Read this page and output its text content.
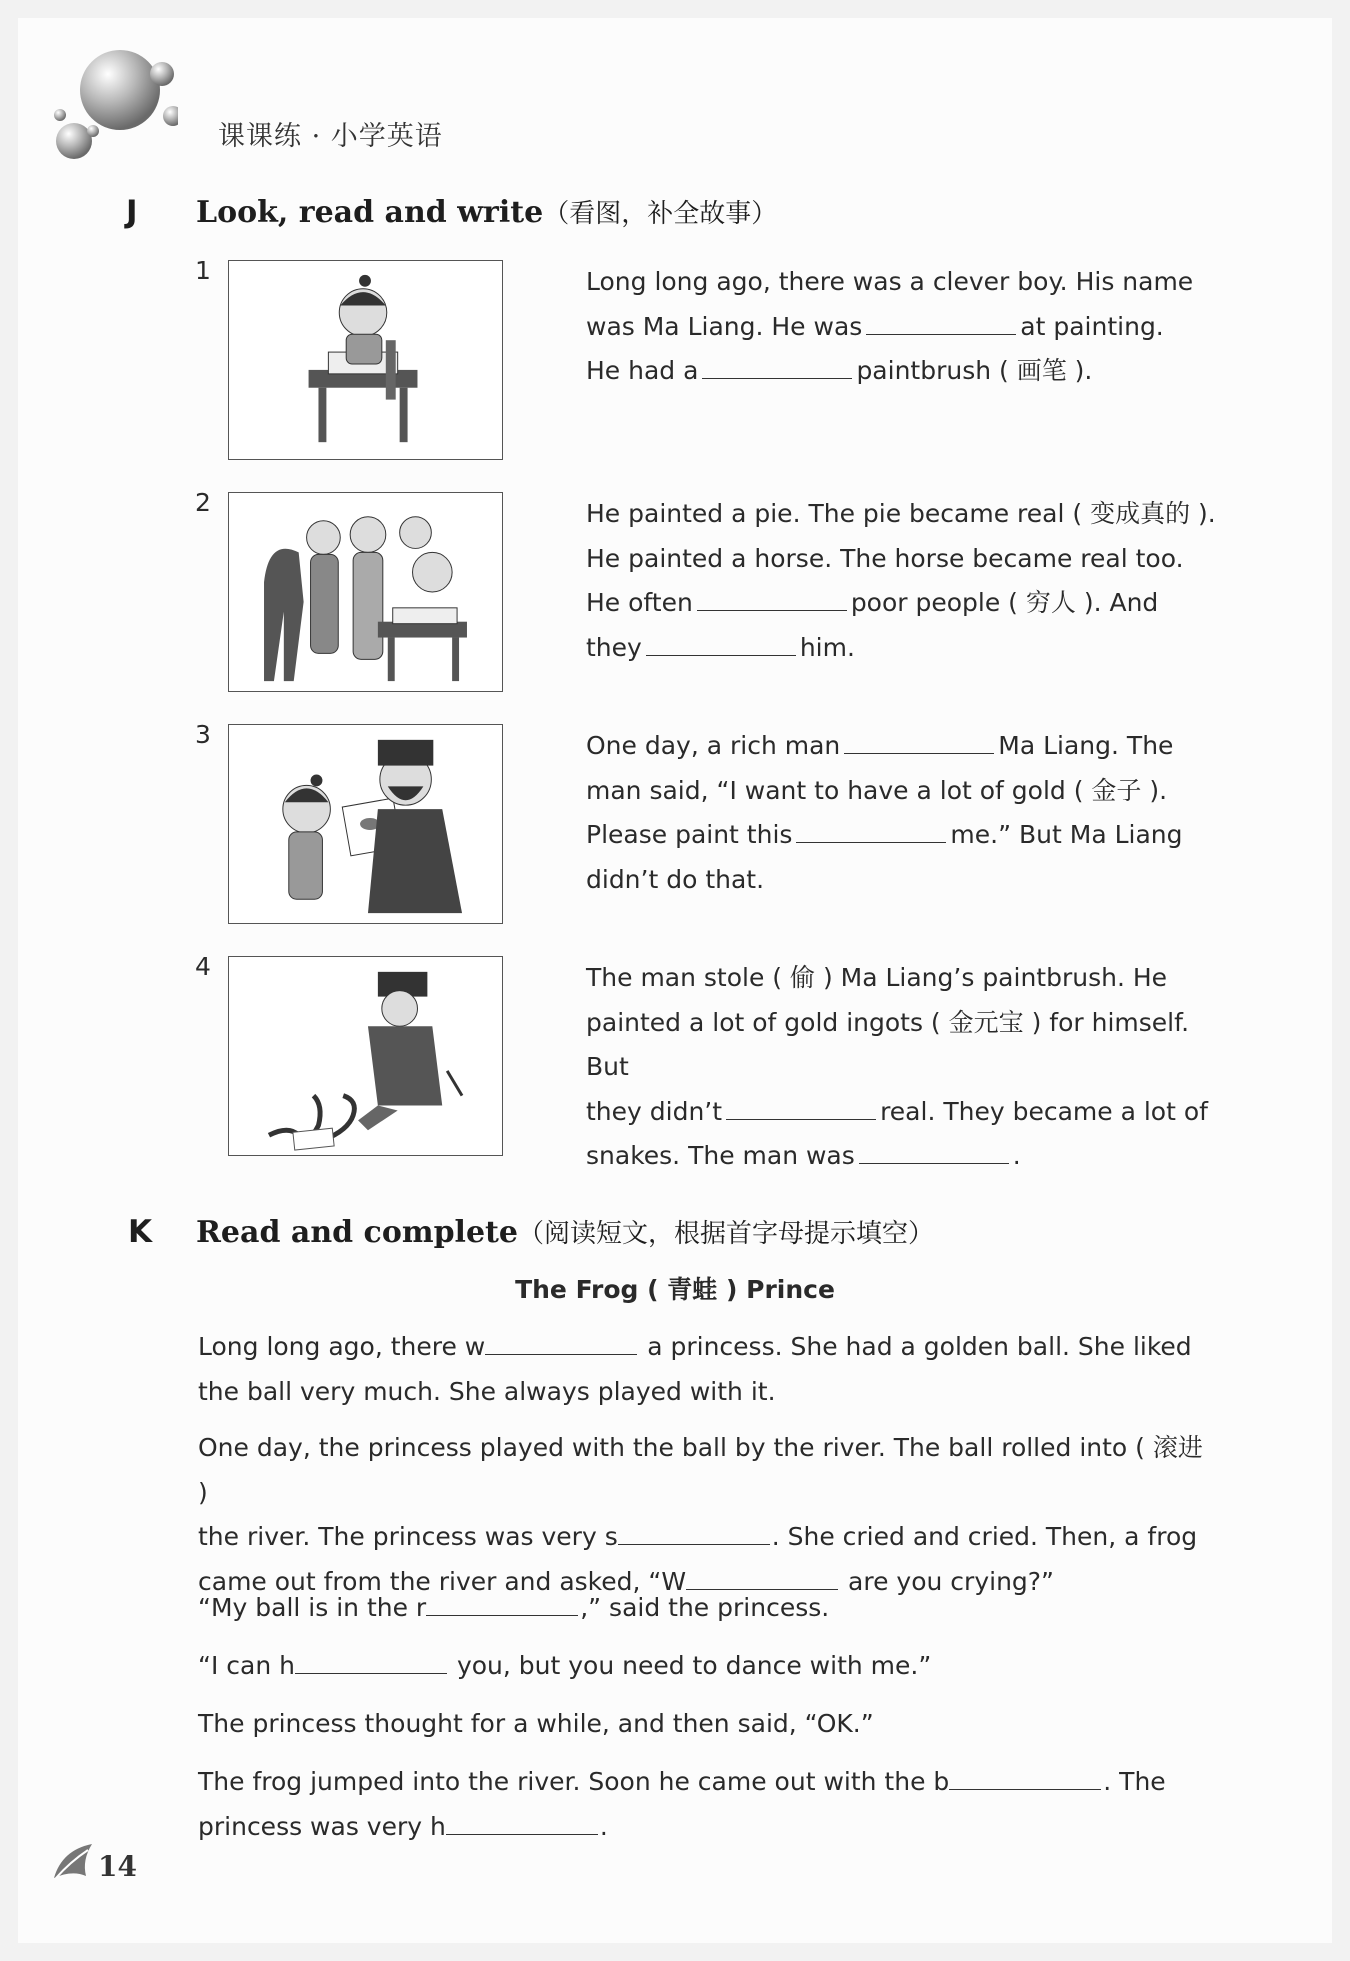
课课练 · 小学英语
J Look, read and write（看图，补全故事）
1	Long long ago, there was a clever boy. His name
was Ma Liang. He was	at painting.
He had a	paintbrush ( 画笔 ).
2	He painted a pie. The pie became real ( 变成真的 ).
He painted a horse. The horse became real too.
He often	poor people ( 穷人 ). And
they	him.
3	One day, a rich man	Ma Liang. The
man said, “I want to have a lot of gold ( 金子 ).
Please paint this	me.” But Ma Liang
didn’t do that.
4	The man stole ( 偷 ) Ma Liang’s paintbrush. He
painted a lot of gold ingots ( 金元宝 ) for himself. But
they didn’t	real. They became a lot of
snakes. The man was	.
K Read and complete（阅读短文，根据首字母提示填空）
The Frog ( 青蛙 ) Prince
Long long ago, there w	a princess. She had a golden ball. She liked
the ball very much. She always played with it.
One day, the princess played with the ball by the river. The ball rolled into ( 滚进 )
the river. The princess was very s	. She cried and cried. Then, a frog
came out from the river and asked, “W	are you crying?”
“My ball is in the r	,” said the princess.
“I can h	you, but you need to dance with me.”
The princess thought for a while, and then said, “OK.”
The frog jumped into the river. Soon he came out with the b	. The
princess was very h	.
14
